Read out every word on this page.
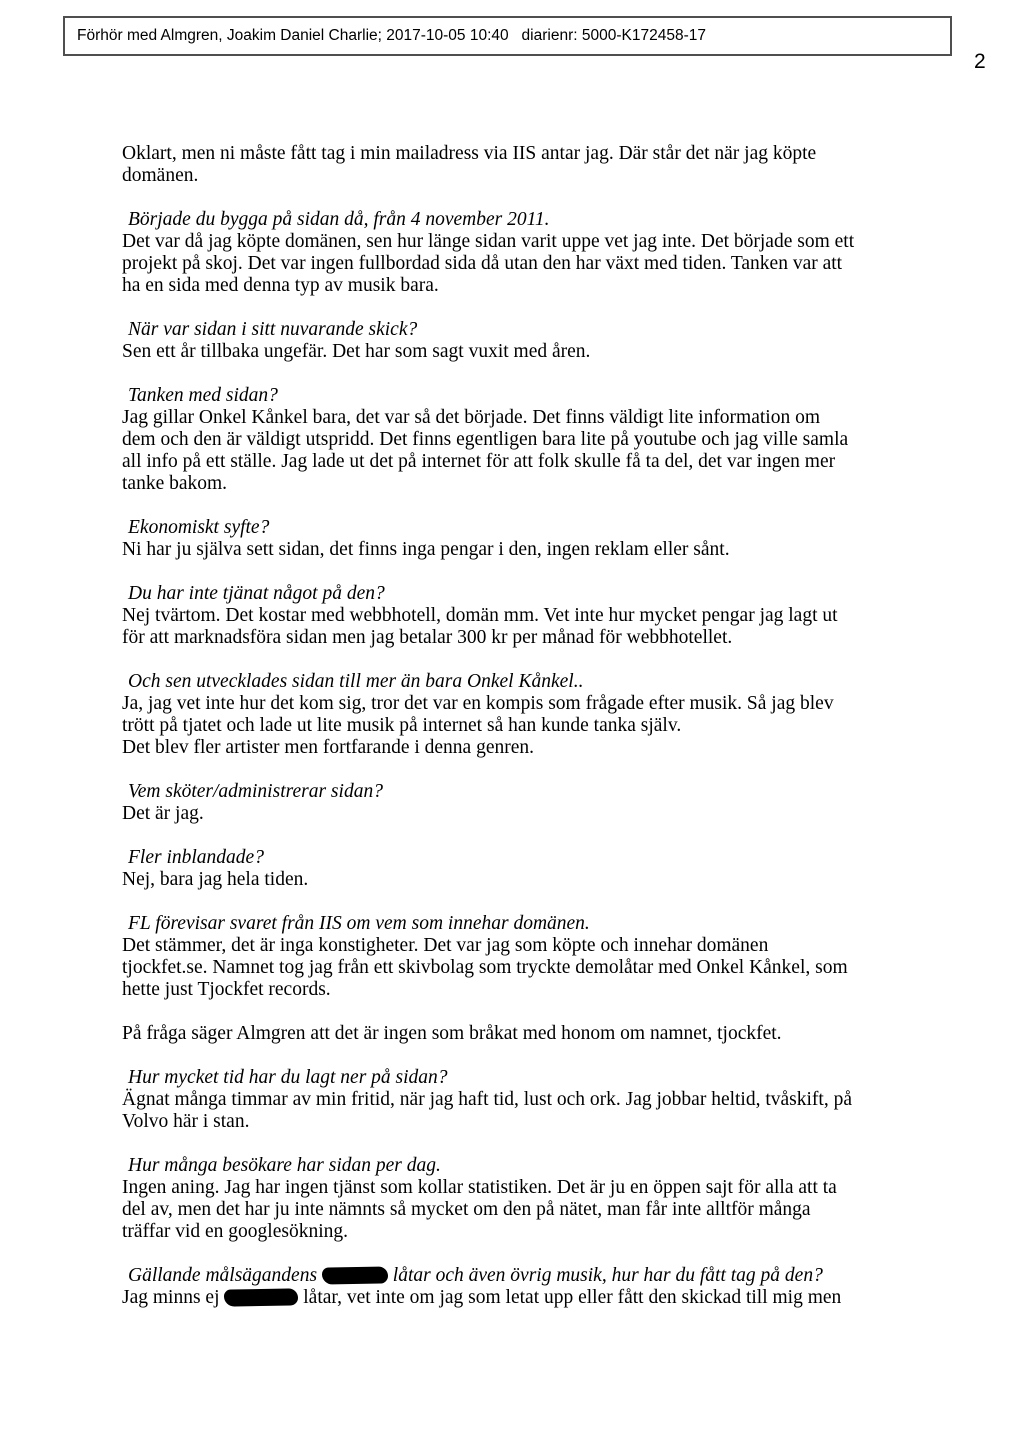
Förhör med Almgren, Joakim Daniel Charlie; 2017-10-05 10:40   diarienr: 5000-K172458-17
2

Oklart, men ni måste fått tag i min mailadress via IIS antar jag. Där står det när jag köpte
domänen.

Började du bygga på sidan då, från 4 november 2011.

Det var då jag köpte domänen, sen hur länge sidan varit uppe vet jag inte. Det började som ett
projekt på skoj. Det var ingen fullbordad sida då utan den har växt med tiden. Tanken var att
ha en sida med denna typ av musik bara.

När var sidan i sitt nuvarande skick?

Sen ett år tillbaka ungefär. Det har som sagt vuxit med åren.

Tanken med sidan?

Jag gillar Onkel Kånkel bara, det var så det började. Det finns väldigt lite information om
dem och den är väldigt utspridd. Det finns egentligen bara lite på youtube och jag ville samla
all info på ett ställe. Jag lade ut det på internet för att folk skulle få ta del, det var ingen mer
tanke bakom.

Ekonomiskt syfte?

Ni har ju själva sett sidan, det finns inga pengar i den, ingen reklam eller sånt.

Du har inte tjänat något på den?

Nej tvärtom. Det kostar med webbhotell, domän mm. Vet inte hur mycket pengar jag lagt ut
för att marknadsföra sidan men jag betalar 300 kr per månad för webbhotellet.

Och sen utvecklades sidan till mer än bara Onkel Kånkel..

Ja, jag vet inte hur det kom sig, tror det var en kompis som frågade efter musik. Så jag blev
trött på tjatet och lade ut lite musik på internet så han kunde tanka själv.
Det blev fler artister men fortfarande i denna genren.

Vem sköter/administrerar sidan?

Det är jag.

Fler inblandade?

Nej, bara jag hela tiden.

FL förevisar svaret från IIS om vem som innehar domänen.

Det stämmer, det är inga konstigheter. Det var jag som köpte och innehar domänen
tjockfet.se. Namnet tog jag från ett skivbolag som tryckte demolåtar med Onkel Kånkel, som
hette just Tjockfet records.

På fråga säger Almgren att det är ingen som bråkat med honom om namnet, tjockfet.

Hur mycket tid har du lagt ner på sidan?

Ägnat många timmar av min fritid, när jag haft tid, lust och ork. Jag jobbar heltid, tvåskift, på
Volvo här i stan.

Hur många besökare har sidan per dag.

Ingen aning. Jag har ingen tjänst som kollar statistiken. Det är ju en öppen sajt för alla att ta
del av, men det har ju inte nämnts så mycket om den på nätet, man får inte alltför många
träffar vid en googlesökning.

Gällande målsägandens	låtar och även övrig musik, hur har du fått tag på den?

Jag minns ej	låtar, vet inte om jag som letat upp eller fått den skickad till mig men
